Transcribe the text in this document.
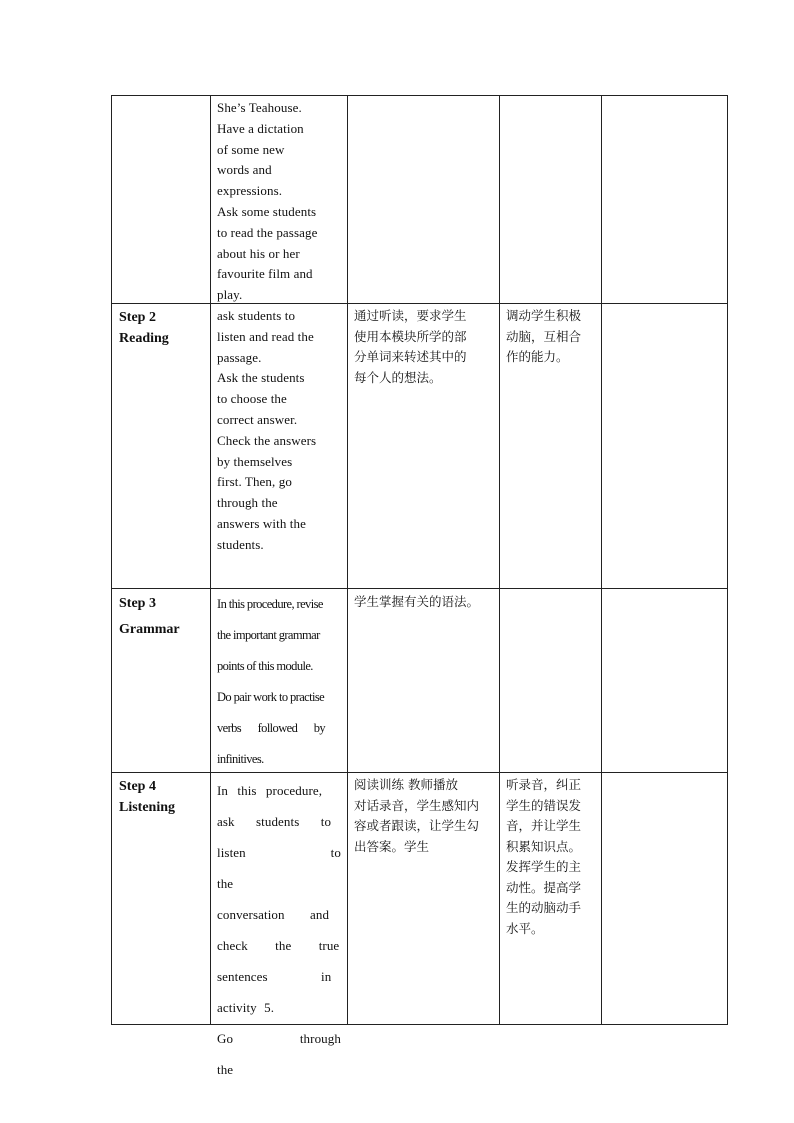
She’s Teahouse.
Have a dictation
of some new
words and
expressions.
Ask some students
to read the passage
about his or her
favourite film and
play.
Step 2
Reading
ask students to
listen and read the
passage.
Ask the students
to choose the
correct answer.
Check the answers
by themselves
first. Then, go
through the
answers with the
students.
通过听读，要求学生
使用本模块所学的部
分单词来转述其中的
每个人的想法。
调动学生积极
动脑，互相合
作的能力。
Step 3
Grammar
In this procedure, revise
the important grammar
points of this module.
Do pair work to practise
verbs followed by
infinitives.
学生掌握有关的语法。
Step 4
Listening
In this procedure,
ask students to
listen to the
conversation and
check the true
sentences in
activity 5.
Go through the
阅读训练 教师播放
对话录音，学生感知内
容或者跟读，让学生勾
出答案。学生
听录音，纠正
学生的错误发
音，并让学生
积累知识点。
发挥学生的主
动性。提高学
生的动脑动手
水平。
